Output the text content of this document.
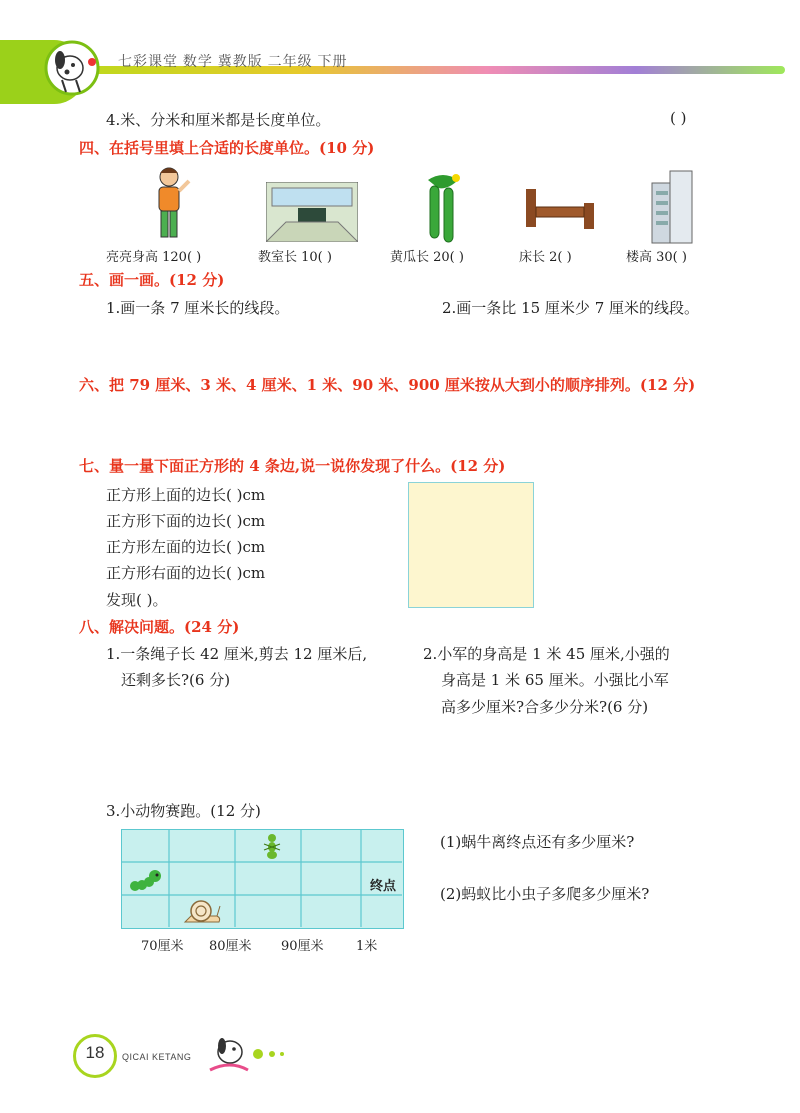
七彩课堂 数学 冀教版 二年级 下册
4.米、分米和厘米都是长度单位。	( )
四、在括号里填上合适的长度单位。(10 分)
亮亮身高 120( )	教室长 10( )	黄瓜长 20( )	床长 2( )	楼高 30( )
五、画一画。(12 分)
1.画一条 7 厘米长的线段。	2.画一条比 15 厘米少 7 厘米的线段。
六、把 79 厘米、3 米、4 厘米、1 米、90 米、900 厘米按从大到小的顺序排列。(12 分)
七、量一量下面正方形的 4 条边,说一说你发现了什么。(12 分)
正方形上面的边长( )cm
正方形下面的边长( )cm
正方形左面的边长( )cm
正方形右面的边长( )cm
发现( )。
八、解决问题。(24 分)
1.一条绳子长 42 厘米,剪去 12 厘米后,
还剩多长?(6 分)
2.小军的身高是 1 米 45 厘米,小强的
身高是 1 米 65 厘米。小强比小军
高多少厘米?合多少分米?(6 分)
3.小动物赛跑。(12 分)
终点
70厘米 80厘米 90厘米 1米
(1)蜗牛离终点还有多少厘米?
(2)蚂蚁比小虫子多爬多少厘米?
18	QICAI KETANG
